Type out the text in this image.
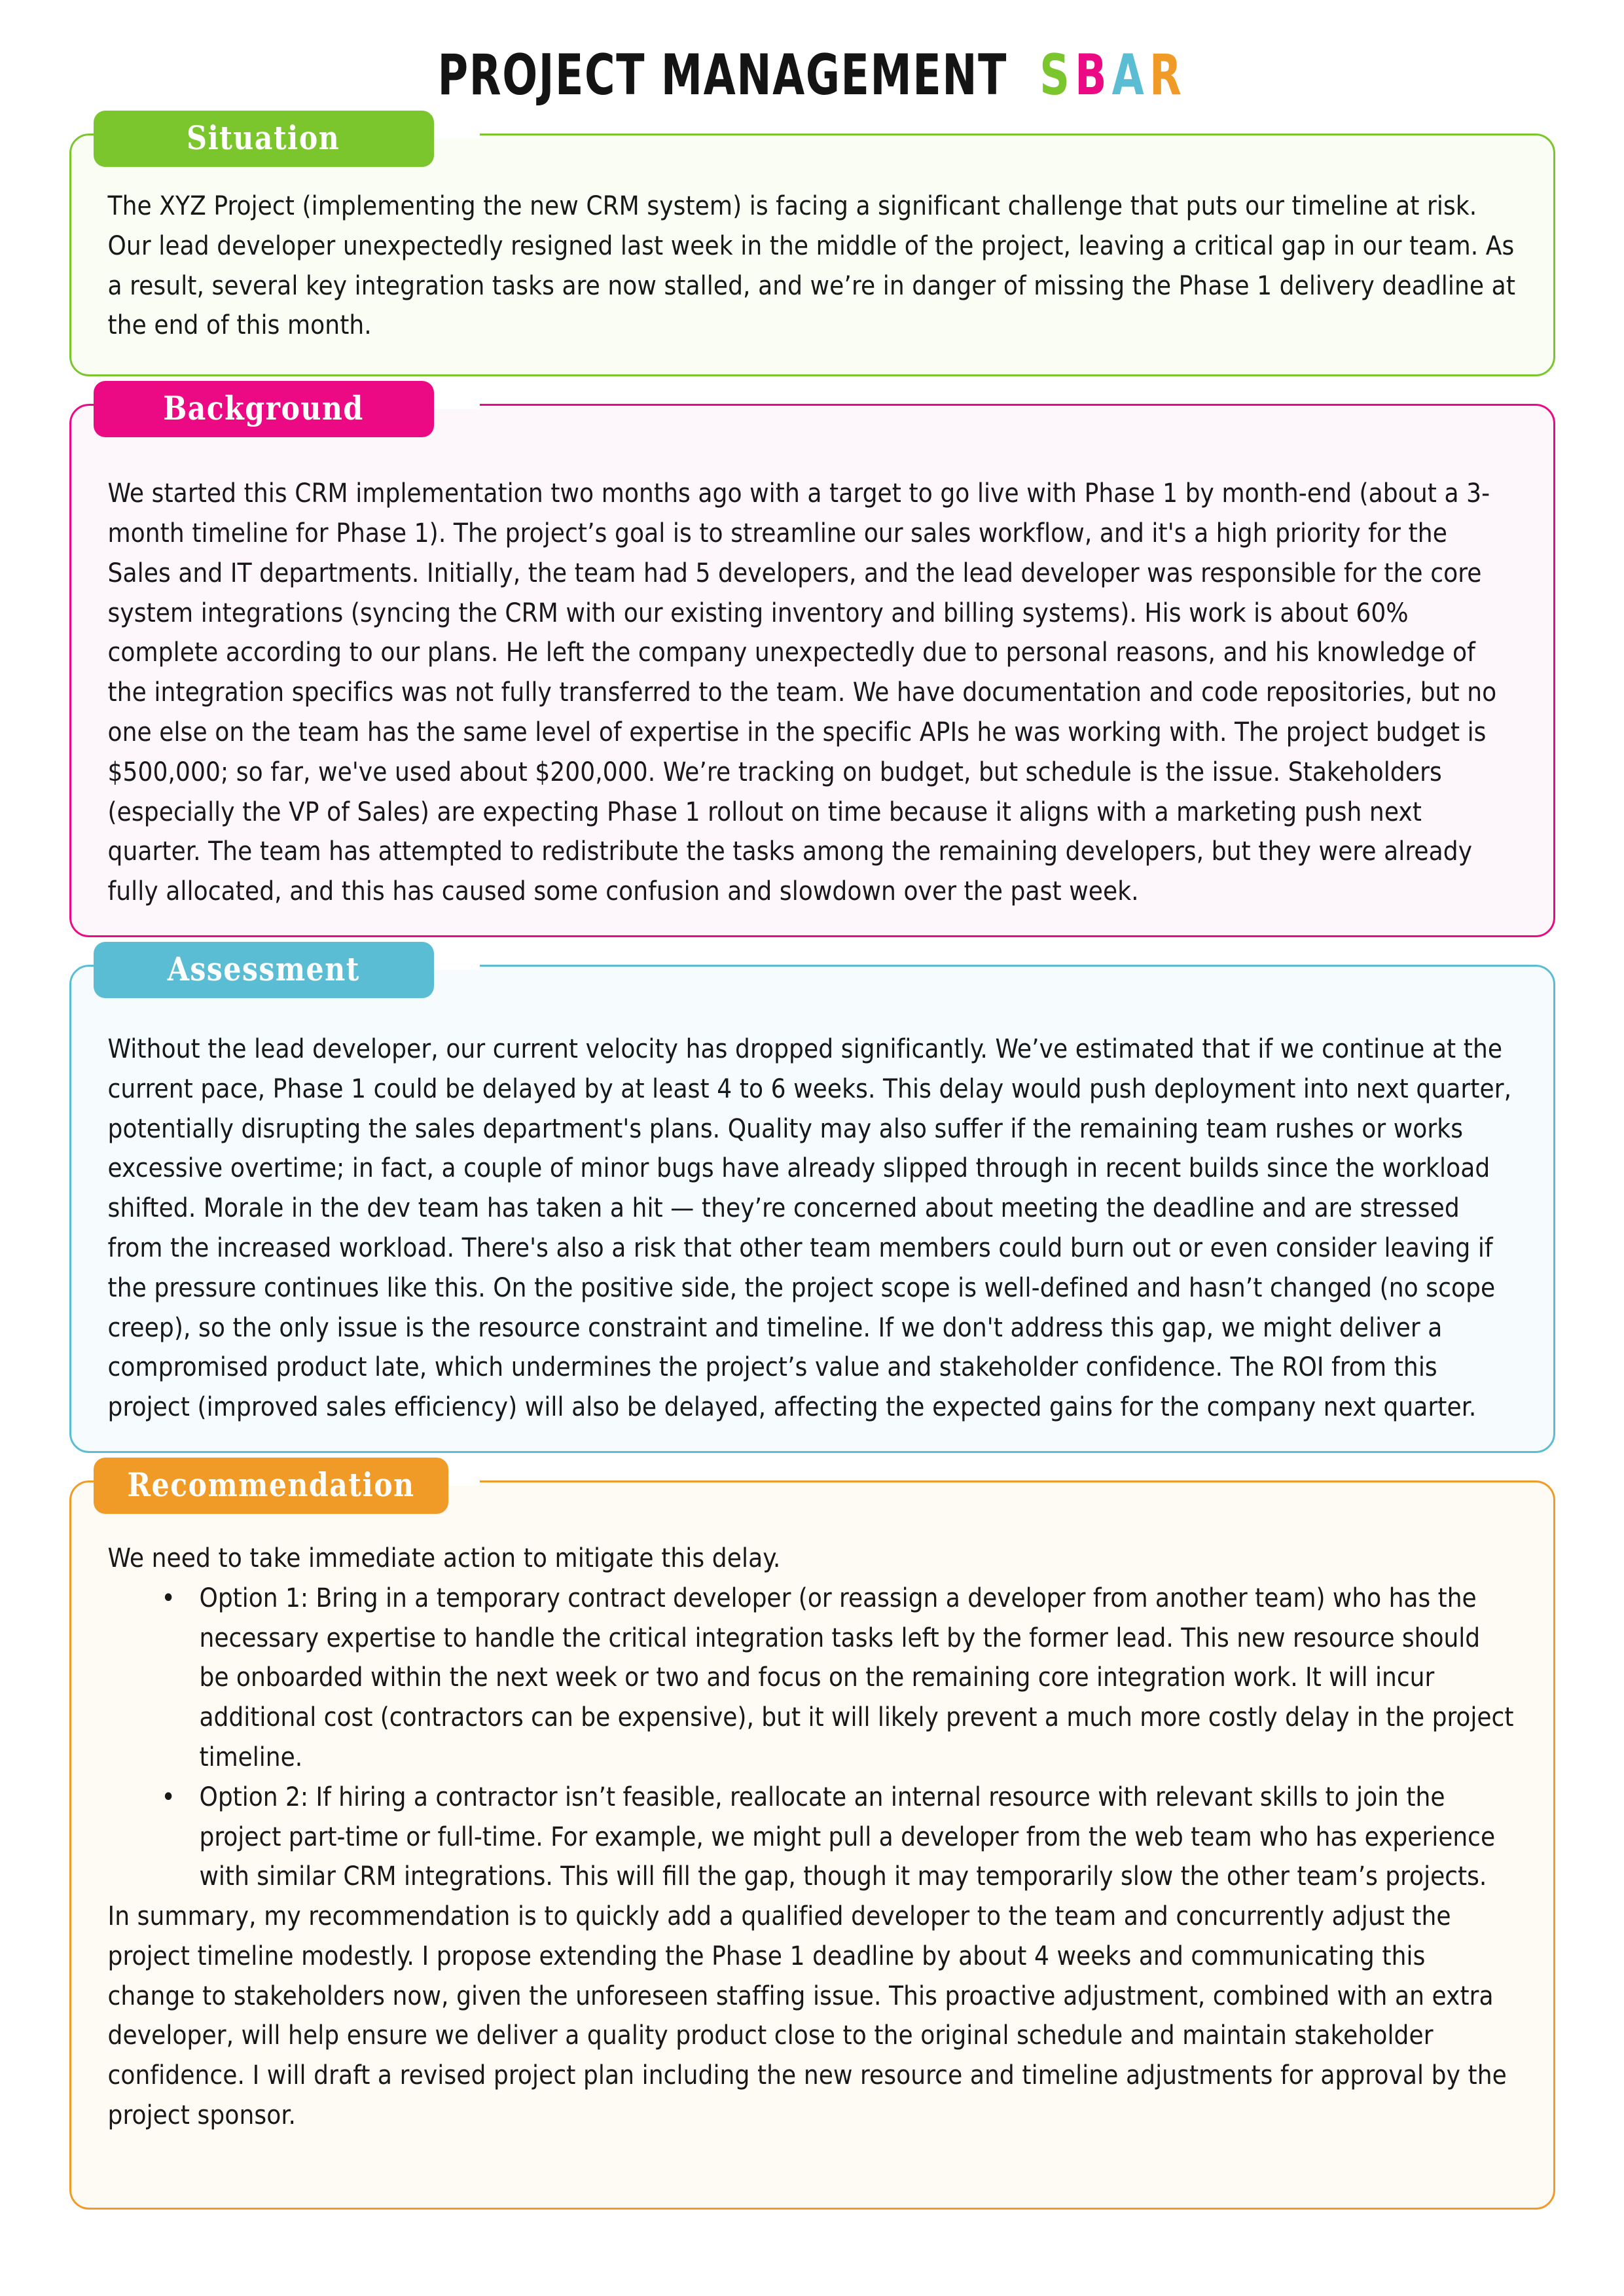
PROJECT MANAGEMENT SBAR
Situation

The XYZ Project (implementing the new CRM system) is facing a significant challenge that puts our timeline at risk. Our lead developer unexpectedly resigned last week in the middle of the project, leaving a critical gap in our team. As a result, several key integration tasks are now stalled, and we’re in danger of missing the Phase 1 delivery deadline at the end of this month.

Background

We started this CRM implementation two months ago with a target to go live with Phase 1 by month-end (about a 3-month timeline for Phase 1). The project’s goal is to streamline our sales workflow, and it's a high priority for the Sales and IT departments. Initially, the team had 5 developers, and the lead developer was responsible for the core system integrations (syncing the CRM with our existing inventory and billing systems). His work is about 60% complete according to our plans. He left the company unexpectedly due to personal reasons, and his knowledge of the integration specifics was not fully transferred to the team. We have documentation and code repositories, but no one else on the team has the same level of expertise in the specific APIs he was working with. The project budget is $500,000; so far, we've used about $200,000. We’re tracking on budget, but schedule is the issue. Stakeholders (especially the VP of Sales) are expecting Phase 1 rollout on time because it aligns with a marketing push next quarter. The team has attempted to redistribute the tasks among the remaining developers, but they were already fully allocated, and this has caused some confusion and slowdown over the past week.

Assessment

Without the lead developer, our current velocity has dropped significantly. We’ve estimated that if we continue at the current pace, Phase 1 could be delayed by at least 4 to 6 weeks. This delay would push deployment into next quarter, potentially disrupting the sales department's plans. Quality may also suffer if the remaining team rushes or works excessive overtime; in fact, a couple of minor bugs have already slipped through in recent builds since the workload shifted. Morale in the dev team has taken a hit — they’re concerned about meeting the deadline and are stressed from the increased workload. There's also a risk that other team members could burn out or even consider leaving if the pressure continues like this. On the positive side, the project scope is well-defined and hasn’t changed (no scope creep), so the only issue is the resource constraint and timeline. If we don't address this gap, we might deliver a compromised product late, which undermines the project’s value and stakeholder confidence. The ROI from this project (improved sales efficiency) will also be delayed, affecting the expected gains for the company next quarter.

Recommendation

We need to take immediate action to mitigate this delay.

• Option 1: Bring in a temporary contract developer (or reassign a developer from another team) who has the necessary expertise to handle the critical integration tasks left by the former lead. This new resource should be onboarded within the next week or two and focus on the remaining core integration work. It will incur additional cost (contractors can be expensive), but it will likely prevent a much more costly delay in the project timeline.
• Option 2: If hiring a contractor isn’t feasible, reallocate an internal resource with relevant skills to join the project part-time or full-time. For example, we might pull a developer from the web team who has experience with similar CRM integrations. This will fill the gap, though it may temporarily slow the other team’s projects.

In summary, my recommendation is to quickly add a qualified developer to the team and concurrently adjust the project timeline modestly. I propose extending the Phase 1 deadline by about 4 weeks and communicating this change to stakeholders now, given the unforeseen staffing issue. This proactive adjustment, combined with an extra developer, will help ensure we deliver a quality product close to the original schedule and maintain stakeholder confidence. I will draft a revised project plan including the new resource and timeline adjustments for approval by the project sponsor.
